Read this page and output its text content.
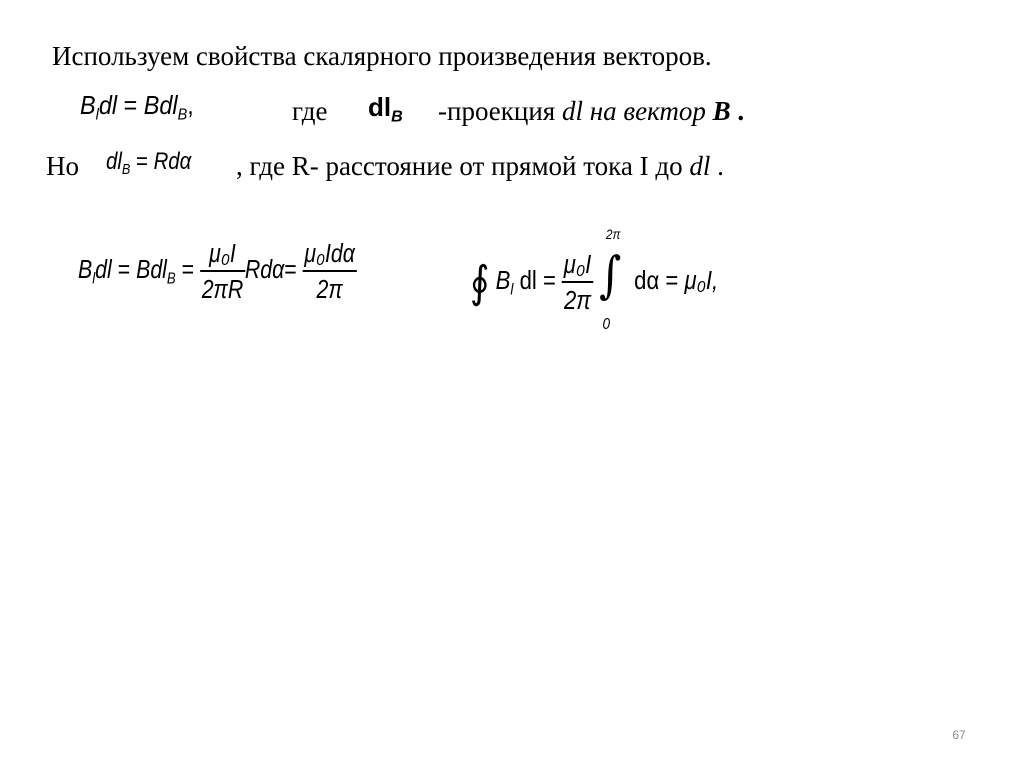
Используем свойства скалярного произведения векторов.
$B_ldl = Bdl_B$,	где $dl_B$ -проекция dl на вектор B .
Но $dl_B = Rd\alpha$ , где R- расстояние от прямой тока I до dl .
$B_ldl = Bdl_B = \frac{\text{μ₀I}}{2\pi R} Rd\alpha= \frac{\text{μ₀Idα}}{2\pi}$	∮ $B_l$ dl = $\frac{\text{μ₀I}}{2\pi}$

2π
∫
0
dα = μ₀I,
67
